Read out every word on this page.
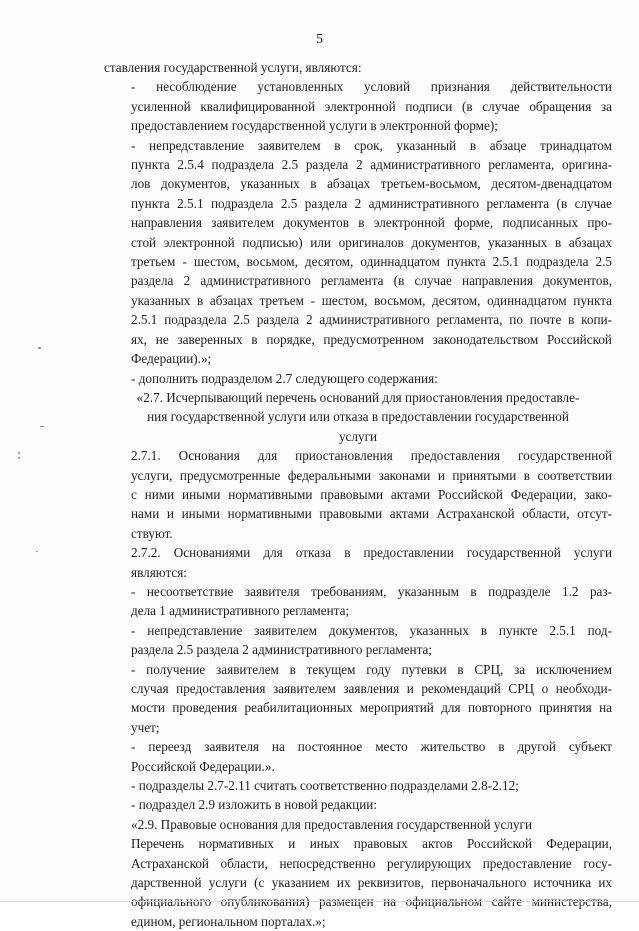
5

ставления государственной услуги, являются:

- несоблюдение установленных условий признания действительности
усиленной квалифицированной электронной подписи (в случае обращения за
предоставлением государственной услуги в электронной форме);

- непредставление заявителем в срок, указанный в абзаце тринадцатом
пункта 2.5.4 подраздела 2.5 раздела 2 административного регламента, оригина-
лов документов, указанных в абзацах третьем-восьмом, десятом-двенадцатом
пункта 2.5.1 подраздела 2.5 раздела 2 административного регламента (в случае
направления заявителем документов в электронной форме, подписанных про-
стой электронной подписью) или оригиналов документов, указанных в абзацах
третьем - шестом, восьмом, десятом, одиннадцатом пункта 2.5.1 подраздела 2.5
раздела 2 административного регламента (в случае направления документов,
указанных в абзацах третьем - шестом, восьмом, десятом, одиннадцатом пункта
2.5.1 подраздела 2.5 раздела 2 административного регламента, по почте в копи-
ях, не заверенных в порядке, предусмотренном законодательством Российской
Федерации).»;

- дополнить подразделом 2.7 следующего содержания:

«2.7. Исчерпывающий перечень оснований для приостановления предоставле-
ния государственной услуги или отказа в предоставлении государственной
услуги

2.7.1. Основания для приостановления предоставления государственной
услуги, предусмотренные федеральными законами и принятыми в соответствии
с ними иными нормативными правовыми актами Российской Федерации, зако-
нами и иными нормативными правовыми актами Астраханской области, отсут-
ствуют.

2.7.2. Основаниями для отказа в предоставлении государственной услуги
являются:

- несоответствие заявителя требованиям, указанным в подразделе 1.2 раз-
дела 1 административного регламента;

- непредставление заявителем документов, указанных в пункте 2.5.1 под-
раздела 2.5 раздела 2 административного регламента;

- получение заявителем в текущем году путевки в СРЦ, за исключением
случая предоставления заявителем заявления и рекомендаций СРЦ о необходи-
мости проведения реабилитационных мероприятий для повторного принятия на
учет;

- переезд заявителя на постоянное место жительство в другой субъект
Российской Федерации.».

- подразделы 2.7-2.11 считать соответственно подразделами 2.8-2.12;

- подраздел 2.9 изложить в новой редакции:

«2.9. Правовые основания для предоставления государственной услуги

Перечень нормативных и иных правовых актов Российской Федерации,
Астраханской области, непосредственно регулирующих предоставление госу-
дарственной услуги (с указанием их реквизитов, первоначального источника их
едином, региональном порталах.»;
